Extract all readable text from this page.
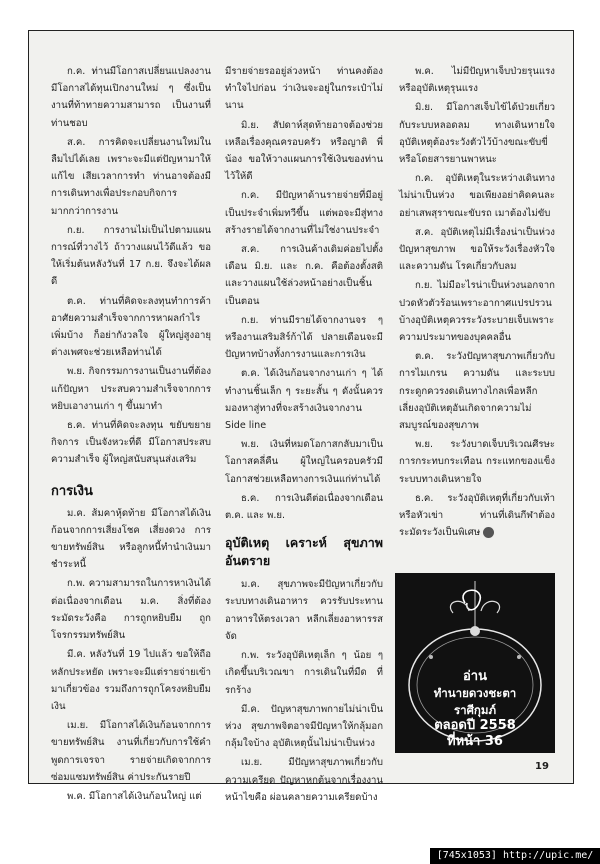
ก.ค. ท่านมีโอกาสเปลี่ยนแปลงงาน มีโอกาสได้ทุนเปิกงานใหม่ ๆ ซึ่งเป็นงานที่ท้าทายความสามารถ เป็นงานที่ท่านชอบ

ส.ค. การคิดจะเปลี่ยนงานใหม่ในลืมไปได้เลย เพราะจะมีแต่ปัญหามาให้แก้ไข เสียเวลาการทำ ท่านอาจต้องมีการเดินทางเพื่อประกอบกิจการมากกว่าการงาน

ก.ย. การงานไม่เป็นไปตามแผนการณ์ที่วางไว้ ถ้าวางแผนไว้ดีแล้ว ขอให้เริ่มต้นหลังวันที่ 17 ก.ย. จึงจะได้ผลดี

ต.ค. ท่านที่คิดจะลงทุนทำการค้าอาศัยความสำเร็จจากการหาผลกำไรเพิ่มบ้าง ก็อย่ากังวลใจ ผู้ใหญ่สูงอายุต่างเพศจะช่วยเหลือท่านได้

พ.ย. กิจกรรมการงานเป็นงานที่ต้องแก้ปัญหา ประสบความสำเร็จจากการหยิบเอางานเก่า ๆ ขึ้นมาทำ

ธ.ค. ท่านที่คิดจะลงทุน ขยับขยายกิจการ เป็นจังหวะที่ดี มีโอกาสประสบความสำเร็จ ผู้ใหญ่สนับสนุนส่งเสริม

การเงิน

ม.ค. ส้มคาหุ้ดท้าย มีโอกาสได้เงินก้อนจากการเสี่ยงโชค เสี่ยงดวง การขายทรัพย์สิน หรือลูกหนี้ทำนำเงินมาชำระหนี้

ก.พ. ความสามารถในการหาเงินได้ต่อเนื่องจากเดือน ม.ค. สิ่งที่ต้องระมัดระวังคือ การถูกหยิบยืม ถูกโจรกรรมทรัพย์สิน

มี.ค. หลังวันที่ 19 ไปแล้ว ขอให้ถือหลักประหยัด เพราะจะมีแต่รายจ่ายเข้ามาเกี่ยวข้อง รวมถึงการถูกโครงหยิบยืมเงิน

เม.ย. มีโอกาสได้เงินก้อนจากการขายทรัพย์สิน งานที่เกี่ยวกับการใช้คำพูดการเจรจา รายจ่ายเกิดจากการซ่อมแซมทรัพย์สิน ค่าประกันรายปี

พ.ค. มีโอกาสได้เงินก้อนใหญ่ แต่

มีรายจ่ายรออยู่ล่วงหน้า ท่านคงต้องทำใจไปก่อน ว่าเงินจะอยู่ในกระเป๋าไม่นาน

มิ.ย. สัปดาห์สุดท้ายอาจต้องช่วยเหลือเรื่องคุณครอบครัว หรือญาติ พี่น้อง ขอให้วางแผนการใช้เงินของท่านไว้ให้ดี

ก.ค. มีปัญหาด้านรายจ่ายที่มีอยู่เป็นประจำเพิ่มทวีขึ้น แต่พอจะมีสู่ทางสร้างรายได้จากงานที่ไม่ใช่งานประจำ

ส.ค. การเงินค้างเดิมค่อยไปตั้งเดือน มิ.ย. และ ก.ค. คือต้องตั้งสติ และวางแผนใช้ล่วงหน้าอย่างเป็นชิ้นเป็นตอน

ก.ย. ท่านมีรายได้จากงานจร ๆ หรืองานเสริมสิร์ก้าได้ ปลายเดือนจะมีปัญหาทบ้างทั้งการงานและการเงิน

ต.ค. ได้เงินก้อนจากงานเก่า ๆ ได้ทำงานชิ้นเล็ก ๆ ระยะสั้น ๆ ดังนั้นควรมองหาสู่ทางที่จะสร้างเงินจากงาน Side line

พ.ย. เงินที่หมดโอกาสกลับมาเป็นโอกาสคลี่คืน ผู้ใหญ่ในครอบครัวมีโอกาสช่วยเหลือทางการเงินแก่ท่านได้

ธ.ค. การเงินดีต่อเนื่องจากเดือน ต.ค. และ พ.ย.

อุบัติเหตุ เคราะห์ สุขภาพ อันตราย

ม.ค. สุขภาพจะมีปัญหาเกี่ยวกับระบบทางเดินอาหาร ควรรับประทานอาหารให้ตรงเวลา หลีกเลี่ยงอาหารรสจัด

ก.พ. ระวังอุบัติเหตุเล็ก ๆ น้อย ๆ เกิดขึ้นบริเวณขา การเดินในที่มืด ที่รกร้าง

มี.ค. ปัญหาสุขภาพกายไม่น่าเป็นห่วง สุขภาพจิตอาจมีปัญหาให้กลุ้มอกกลุ้มใจบ้าง อุบัติเหตุนั้นไม่น่าเป็นห่วง

เม.ย. มีปัญหาสุขภาพเกี่ยวกับความเครียด ปัญหาหกต้นจากเรื่องงานหน้าไขคือ ผ่อนคลายความเครียดบ้าง

พ.ค. ไม่มีปัญหาเจ็บป่วยรุนแรงหรืออุบัติเหตุรุนแรง

มิ.ย. มีโอกาสเจ็บไข้ได้ป่วยเกี่ยวกับระบบหลอดลม ทางเดินหายใจ อุบัติเหตุต้องระวังตัวไว้บ้างขณะขับขี่ หรือโดยสารยานพาหนะ

ก.ค. อุบัติเหตุในระหว่างเดินทางไม่น่าเป็นห่วง ขอเพียงอย่าคิดคนละ อย่าเสพสุราขณะขับรถ เมาต้องไม่ขับ

ส.ค. อุบัติเหตุไม่มีเรื่องน่าเป็นห่วงปัญหาสุขภาพ ขอให้ระวังเรื่องหัวใจ และความดัน โรคเกี่ยวกับลม

ก.ย. ไม่มีอะไรน่าเป็นห่วงนอกจากปวดหัวตัวร้อนเพราะอากาศแปรปรวนบ้างอุบัติเหตุควรระวังระบายเจ็บเพราะความประมาทของบุคคลอื่น

ต.ค. ระวังปัญหาสุขภาพเกี่ยวกับการไมเกรน ความดัน และระบบกระดูกควรงดเดินทางไกลเพื่อหลีกเลี่ยงอุบัติเหตุอันเกิดจากความไม่สมบูรณ์ของสุขภาพ

พ.ย. ระวังบาดเจ็บบริเวณศีรษะการกระทบกระเทือน กระแทกของแข็งระบบทางเดินหายใจ

ธ.ค. ระวังอุบัติเหตุที่เกี่ยวกับเท้าหรือหัวเข่า ท่านที่เดินกีฬาต้องระมัดระวังเป็นพิเศษ

อ่าน
ทำนายดวงชะตา
ราศีกุมภ์
ตลอดปี 2558
ที่หน้า 36
19
[745x1053] http://upic.me/
